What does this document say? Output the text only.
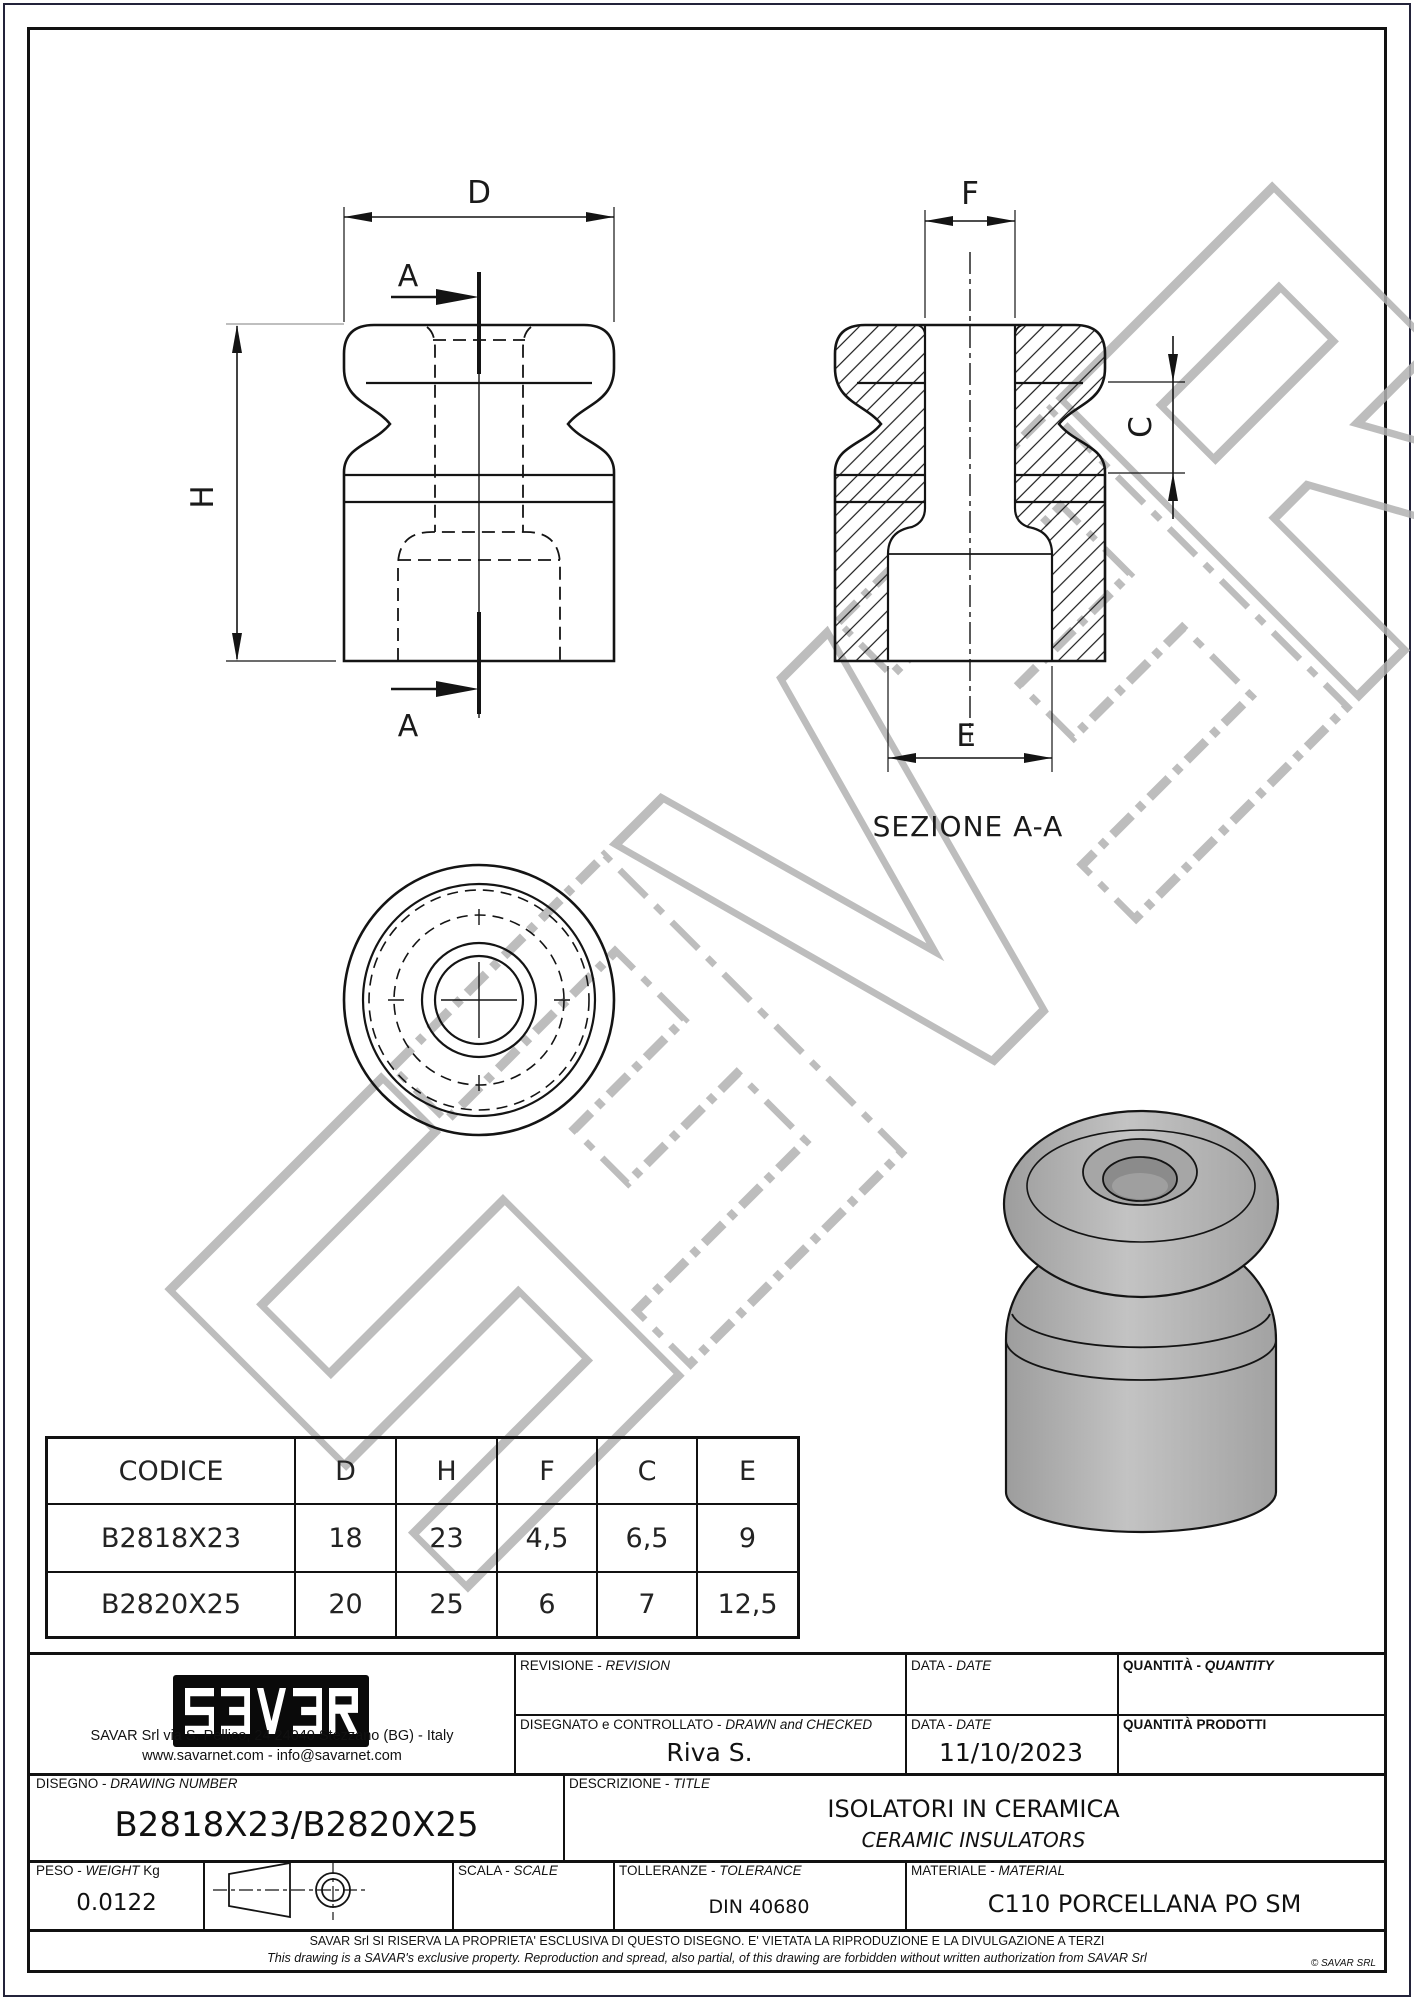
D
H
A
A
F
C
E
SEZIONE A-A
CODICE	D	H	F	C	E
B2818X23	18	23	4,5	6,5	9
B2820X25	20	25	6	7	12,5
SAVAR Srl via S. Pellico, 24 24040 Stezzano (BG) - Italy
www.savarnet.com - info@savarnet.com
REVISIONE - REVISION	DATA - DATE	QUANTITÀ - QUANTITY
DISEGNATO e CONTROLLATO - DRAWN and CHECKED
Riva S.
DATA - DATE
11/10/2023
QUANTITÀ PRODOTTI
DISEGNO - DRAWING NUMBER
B2818X23/B2820X25
DESCRIZIONE - TITLE
ISOLATORI IN CERAMICA
CERAMIC INSULATORS
PESO - WEIGHT Kg
0.0122
SCALA - SCALE	TOLLERANZE - TOLERANCE
DIN 40680
MATERIALE - MATERIAL
C110 PORCELLANA PO SM
SAVAR Srl SI RISERVA LA PROPRIETA' ESCLUSIVA DI QUESTO DISEGNO. E' VIETATA LA RIPRODUZIONE E LA DIVULGAZIONE A TERZI
This drawing is a SAVAR's exclusive property. Reproduction and spread, also partial, of this drawing are forbidden without written authorization from SAVAR Srl	© SAVAR SRL
